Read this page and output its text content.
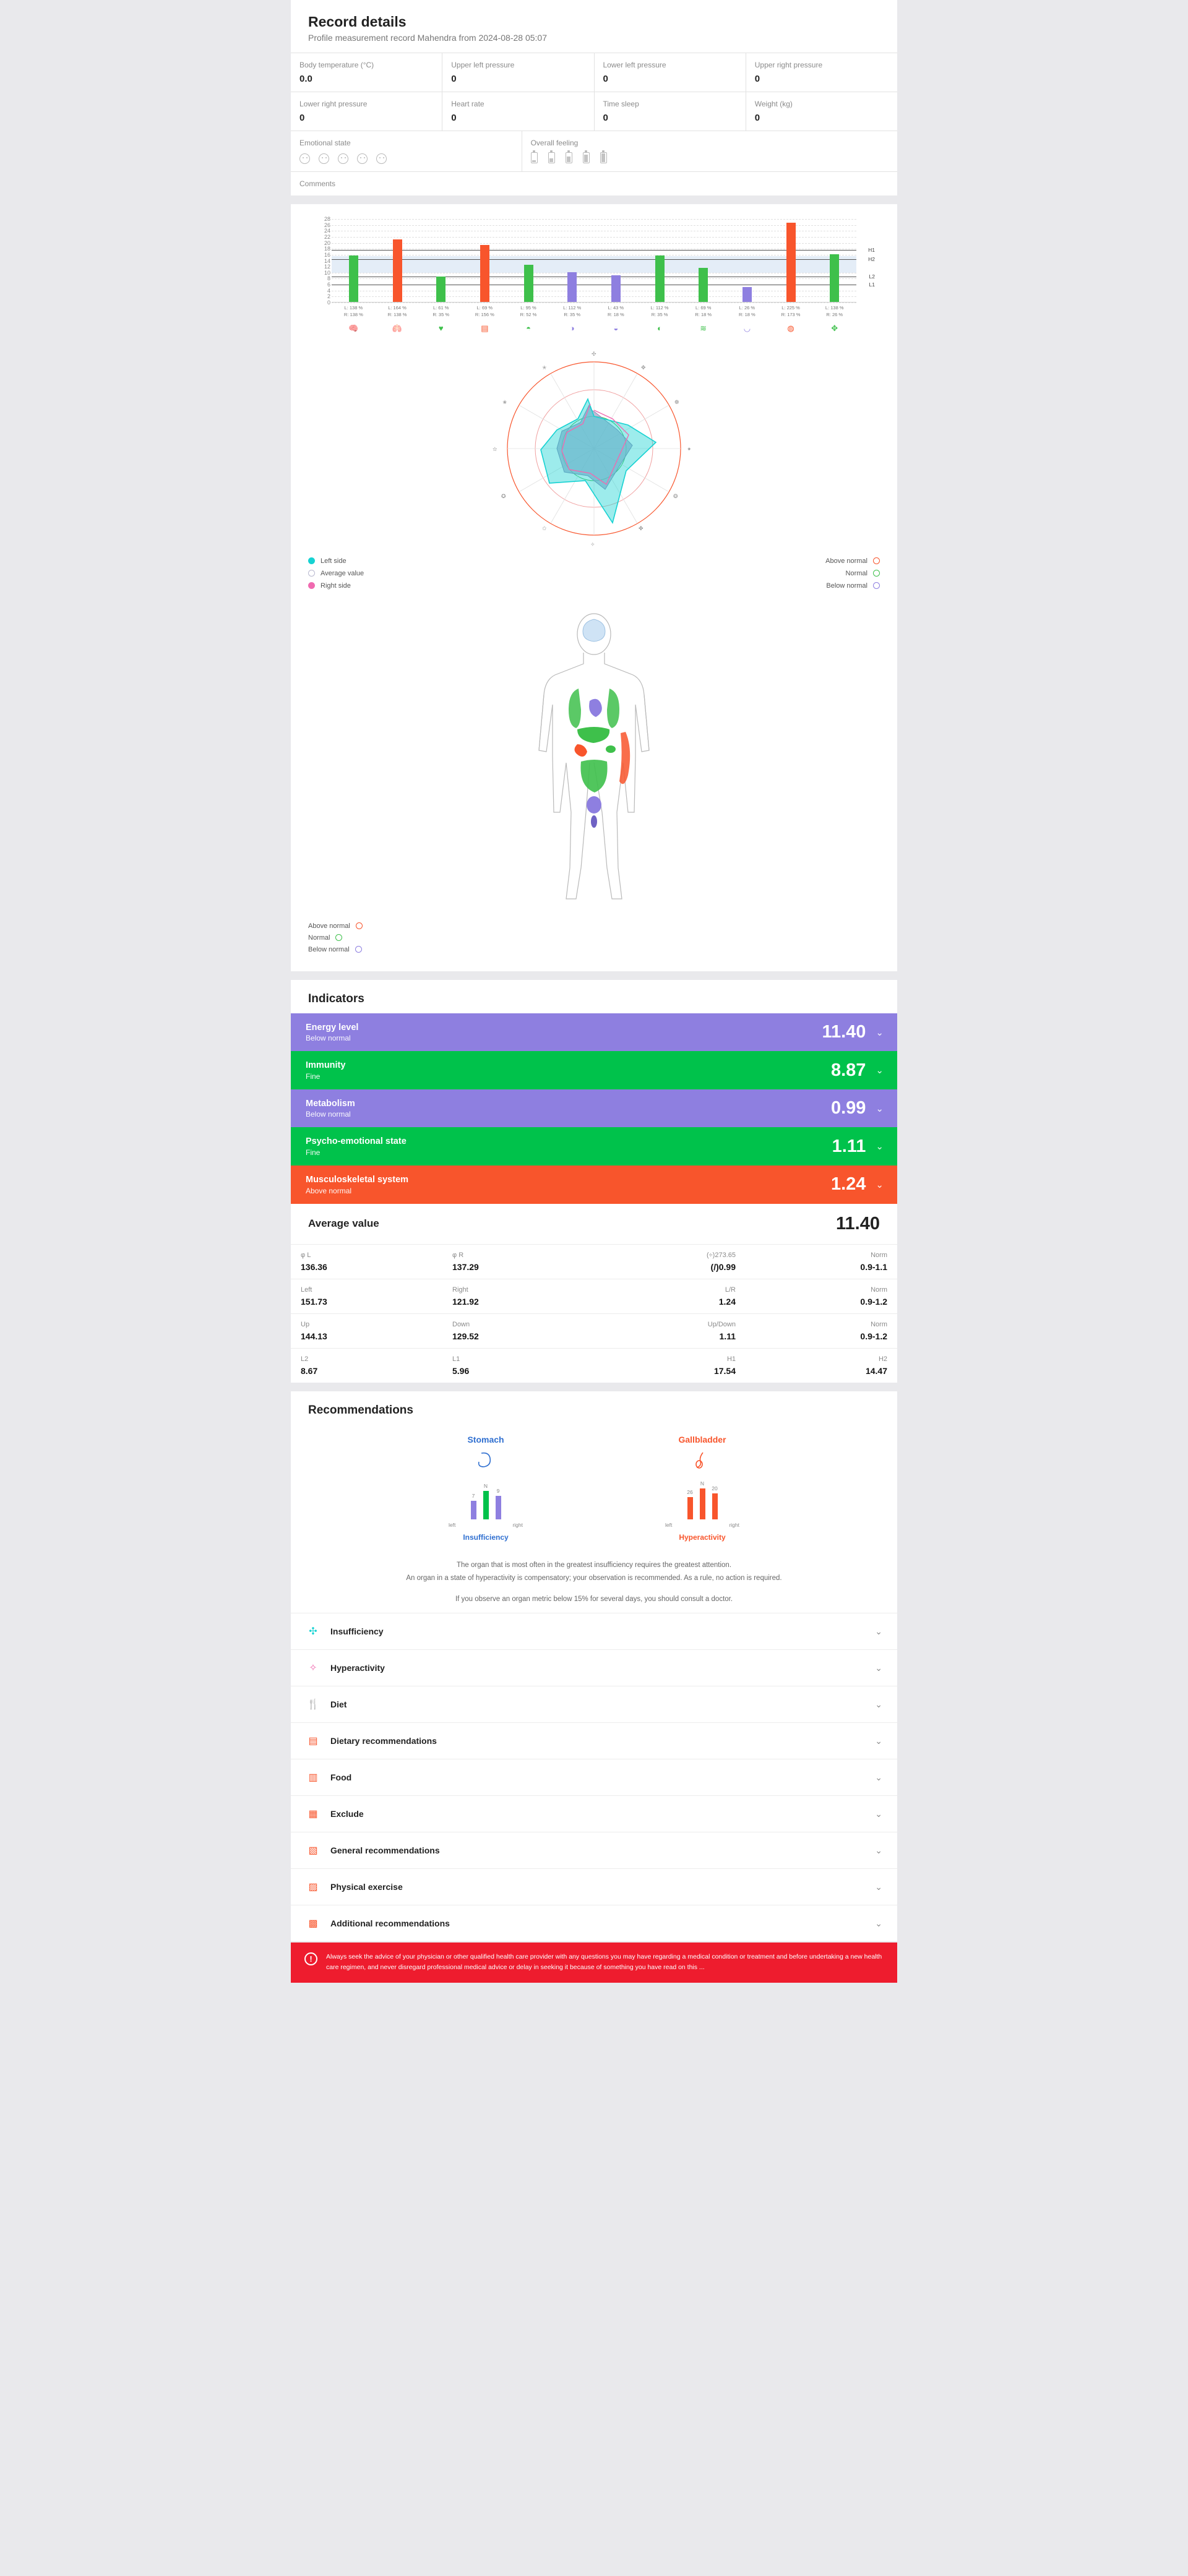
Record details
Profile measurement record Mahendra from 2024-08-28 05:07
Body temperature (°C)
0.0
Upper left pressure
0
Lower left pressure
0
Upper right pressure
0
Lower right pressure
0
Heart rate
0
Time sleep
0
Weight (kg)
0
Emotional state	Overall feeling
Comments
28
26
24
22
20
18
16
14
12
10
8
6
4
2
0
H2
H1
L1
L2
L: 138 %
R: 138 %
L: 164 %
R: 138 %
L: 61 %
R: 35 %
L: 69 %
R: 156 %
L: 95 %
R: 52 %
L: 112 %
R: 35 %
L: 43 %
R: 18 %
L: 112 %
R: 35 %
L: 69 %
R: 18 %
L: 26 %
R: 18 %
L: 225 %
R: 173 %
L: 138 %
R: 26 %
🧠	🫁	♥	▤	◓	◑	◒	◐	≋	◡	◍	✥
✣
✥
❁
✦
❂
✤
✧
✩
✪
✫
✬
✭
Left side
Average value
Right side
Above normal
Normal
Below normal
Above normal
Normal
Below normal
Indicators
Energy level
Below normal	11.40 ⌄
Immunity
Fine	8.87 ⌄
Metabolism
Below normal	0.99 ⌄
Psycho-emotional state
Fine	1.11 ⌄
Musculoskeletal system
Above normal	1.24 ⌄
Average value	11.40
φ L
136.36
φ R
137.29
(÷)273.65
(/)0.99
Norm
0.9-1.1
Left
151.73
Right
121.92
L/R
1.24
Norm
0.9-1.2
Up
144.13
Down
129.52
Up/Down
1.11
Norm
0.9-1.2
L2
8.67
L1
5.96
H1
17.54
H2
14.47
Recommendations
Stomach
7
N
9
left	right
Insufficiency
Gallbladder
26
N
20
left	right
Hyperactivity
The organ that is most often in the greatest insufficiency requires the greatest attention.
An organ in a state of hyperactivity is compensatory; your observation is recommended. As a rule, no action is required.
If you observe an organ metric below 15% for several days, you should consult a doctor.
✣	Insufficiency	⌄
✧	Hyperactivity	⌄
🍴 Diet	⌄
▤	Dietary recommendations	⌄
▥	Food	⌄
▦	Exclude	⌄
▧	General recommendations	⌄
▨	Physical exercise	⌄
▩	Additional recommendations	⌄
!	Always seek the advice of your physician or other qualified health care provider with any questions you may have regarding a medical condition or treatment and before undertaking a new health care regimen, and never disregard professional medical advice or delay in seeking it because of something you have read on this ...
